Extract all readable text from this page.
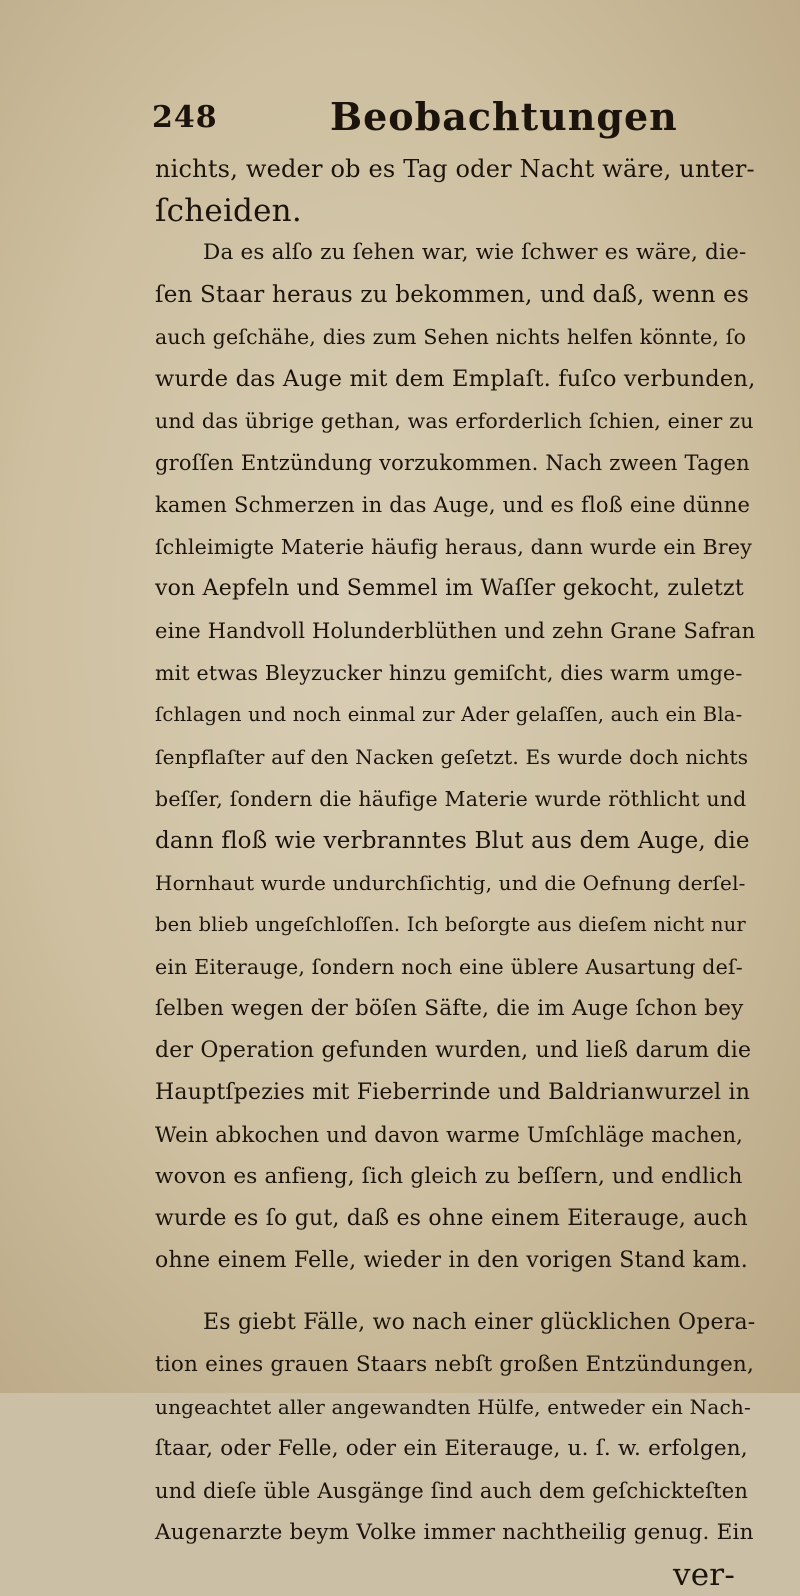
248	Beobachtungen
nichts, weder ob es Tag oder Nacht wäre, unter-
ſcheiden.
Da es alſo zu ſehen war, wie ſchwer es wäre, die-
ſen Staar heraus zu bekommen, und daß, wenn es
auch geſchähe, dies zum Sehen nichts helfen könnte, ſo
wurde das Auge mit dem Emplaſt. fuſco verbunden,
und das übrige gethan, was erforderlich ſchien, einer zu
groſſen Entzündung vorzukommen. Nach zween Tagen
kamen Schmerzen in das Auge, und es floß eine dünne
ſchleimigte Materie häufig heraus, dann wurde ein Brey
von Aepfeln und Semmel im Waſſer gekocht, zuletzt
eine Handvoll Holunderblüthen und zehn Grane Safran
mit etwas Bleyzucker hinzu gemiſcht, dies warm umge-
ſchlagen und noch einmal zur Ader gelaſſen, auch ein Bla-
ſenpflaſter auf den Nacken geſetzt. Es wurde doch nichts
beſſer, ſondern die häufige Materie wurde röthlicht und
dann floß wie verbranntes Blut aus dem Auge, die
Hornhaut wurde undurchſichtig, und die Oefnung derſel-
ben blieb ungeſchloſſen. Ich beſorgte aus dieſem nicht nur
ein Eiterauge, ſondern noch eine üblere Ausartung deſ-
ſelben wegen der böſen Säfte, die im Auge ſchon bey
der Operation gefunden wurden, und ließ darum die
Hauptſpezies mit Fieberrinde und Baldrianwurzel in
Wein abkochen und davon warme Umſchläge machen,
wovon es anfieng, ſich gleich zu beſſern, und endlich
wurde es ſo gut, daß es ohne einem Eiterauge, auch
ohne einem Felle, wieder in den vorigen Stand kam.
Es giebt Fälle, wo nach einer glücklichen Opera-
tion eines grauen Staars nebſt großen Entzündungen,
ungeachtet aller angewandten Hülfe, entweder ein Nach-
ſtaar, oder Felle, oder ein Eiterauge, u. ſ. w. erfolgen,
und dieſe üble Ausgänge ſind auch dem geſchickteſten
Augenarzte beym Volke immer nachtheilig genug. Ein
ver-
